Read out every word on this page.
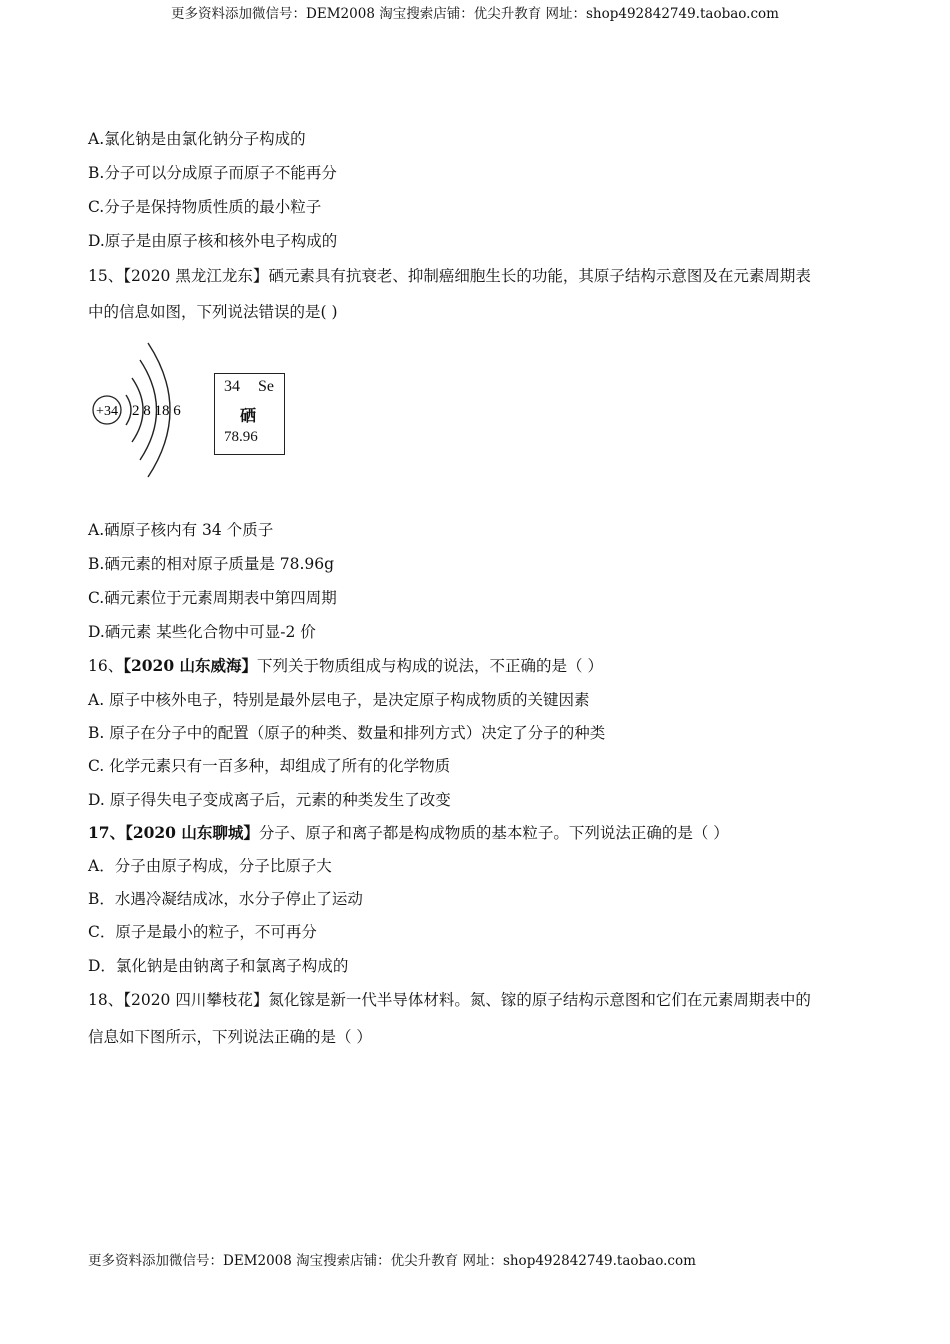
更多资料添加微信号：DEM2008 淘宝搜索店铺：优尖升教育 网址：shop492842749.taobao.com
A.氯化钠是由氯化钠分子构成的
B.分子可以分成原子而原子不能再分
C.分子是保持物质性质的最小粒子
D.原子是由原子核和核外电子构成的
15、【2020 黑龙江龙东】硒元素具有抗衰老、抑制癌细胞生长的功能，其原子结构示意图及在元素周期表
中的信息如图，下列说法错误的是( )
+34 2 8 18 6
34 Se
硒
78.96
A.硒原子核内有 34 个质子
B.硒元素的相对原子质量是 78.96g
C.硒元素位于元素周期表中第四周期
D.硒元素 某些化合物中可显-2 价
16、【2020 山东威海】下列关于物质组成与构成的说法，不正确的是（ ）
A. 原子中核外电子，特别是最外层电子，是决定原子构成物质的关键因素
B. 原子在分子中的配置（原子的种类、数量和排列方式）决定了分子的种类
C. 化学元素只有一百多种，却组成了所有的化学物质
D. 原子得失电子变成离子后，元素的种类发生了改变
17、【2020 山东聊城】分子、原子和离子都是构成物质的基本粒子。下列说法正确的是（ ）
A．分子由原子构成，分子比原子大
B．水遇冷凝结成冰，水分子停止了运动
C．原子是最小的粒子，不可再分
D．氯化钠是由钠离子和氯离子构成的
18、【2020 四川攀枝花】氮化镓是新一代半导体材料。氮、镓的原子结构示意图和它们在元素周期表中的
信息如下图所示，下列说法正确的是（ ）
更多资料添加微信号：DEM2008 淘宝搜索店铺：优尖升教育 网址：shop492842749.taobao.com
